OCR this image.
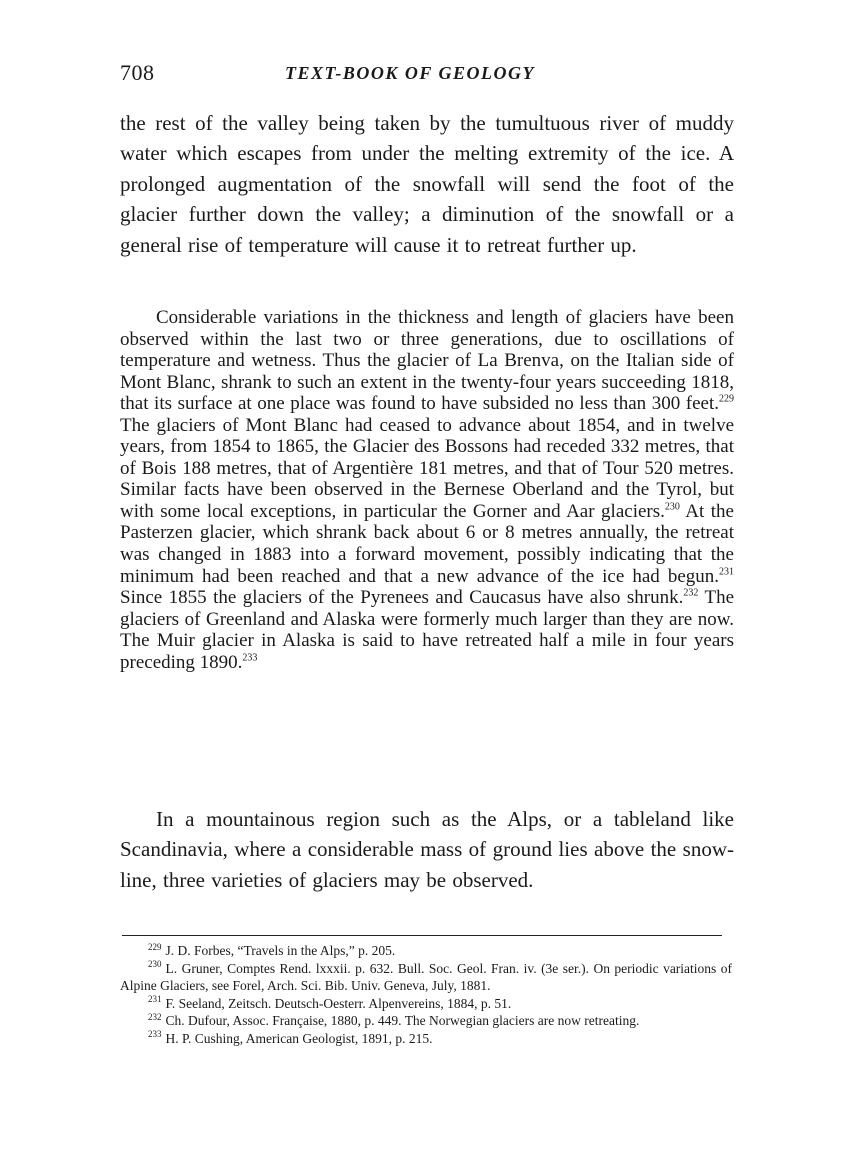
708	TEXT-BOOK OF GEOLOGY

the rest of the valley being taken by the tumultuous river of muddy water which escapes from under the melting extremity of the ice. A prolonged augmentation of the snowfall will send the foot of the glacier further down the valley; a diminution of the snowfall or a general rise of temperature will cause it to retreat further up.

Considerable variations in the thickness and length of glaciers have been observed within the last two or three generations, due to oscillations of temperature and wetness. Thus the glacier of La Brenva, on the Italian side of Mont Blanc, shrank to such an extent in the twenty-four years succeeding 1818, that its surface at one place was found to have subsided no less than 300 feet.$^{229}$ The glaciers of Mont Blanc had ceased to advance about 1854, and in twelve years, from 1854 to 1865, the Glacier des Bossons had receded 332 metres, that of Bois 188 metres, that of Argentière 181 metres, and that of Tour 520 metres. Similar facts have been observed in the Bernese Oberland and the Tyrol, but with some local exceptions, in particular the Gorner and Aar glaciers.$^{230}$ At the Pasterzen glacier, which shrank back about 6 or 8 metres annually, the retreat was changed in 1883 into a forward movement, possibly indicating that the minimum had been reached and that a new advance of the ice had begun.$^{231}$ Since 1855 the glaciers of the Pyrenees and Caucasus have also shrunk.$^{232}$ The glaciers of Greenland and Alaska were formerly much larger than they are now. The Muir glacier in Alaska is said to have retreated half a mile in four years preceding 1890.$^{233}$

In a mountainous region such as the Alps, or a tableland like Scandinavia, where a considerable mass of ground lies above the snow-line, three varieties of glaciers may be observed.

$^{229}$ J. D. Forbes, “Travels in the Alps,” p. 205.

$^{230}$ L. Gruner, Comptes Rend. lxxxii. p. 632. Bull. Soc. Geol. Fran. iv. (3e ser.). On periodic variations of Alpine Glaciers, see Forel, Arch. Sci. Bib. Univ. Geneva, July, 1881.

$^{231}$ F. Seeland, Zeitsch. Deutsch-Oesterr. Alpenvereins, 1884, p. 51.

$^{232}$ Ch. Dufour, Assoc. Française, 1880, p. 449. The Norwegian glaciers are now retreating.

$^{233}$ H. P. Cushing, American Geologist, 1891, p. 215.
